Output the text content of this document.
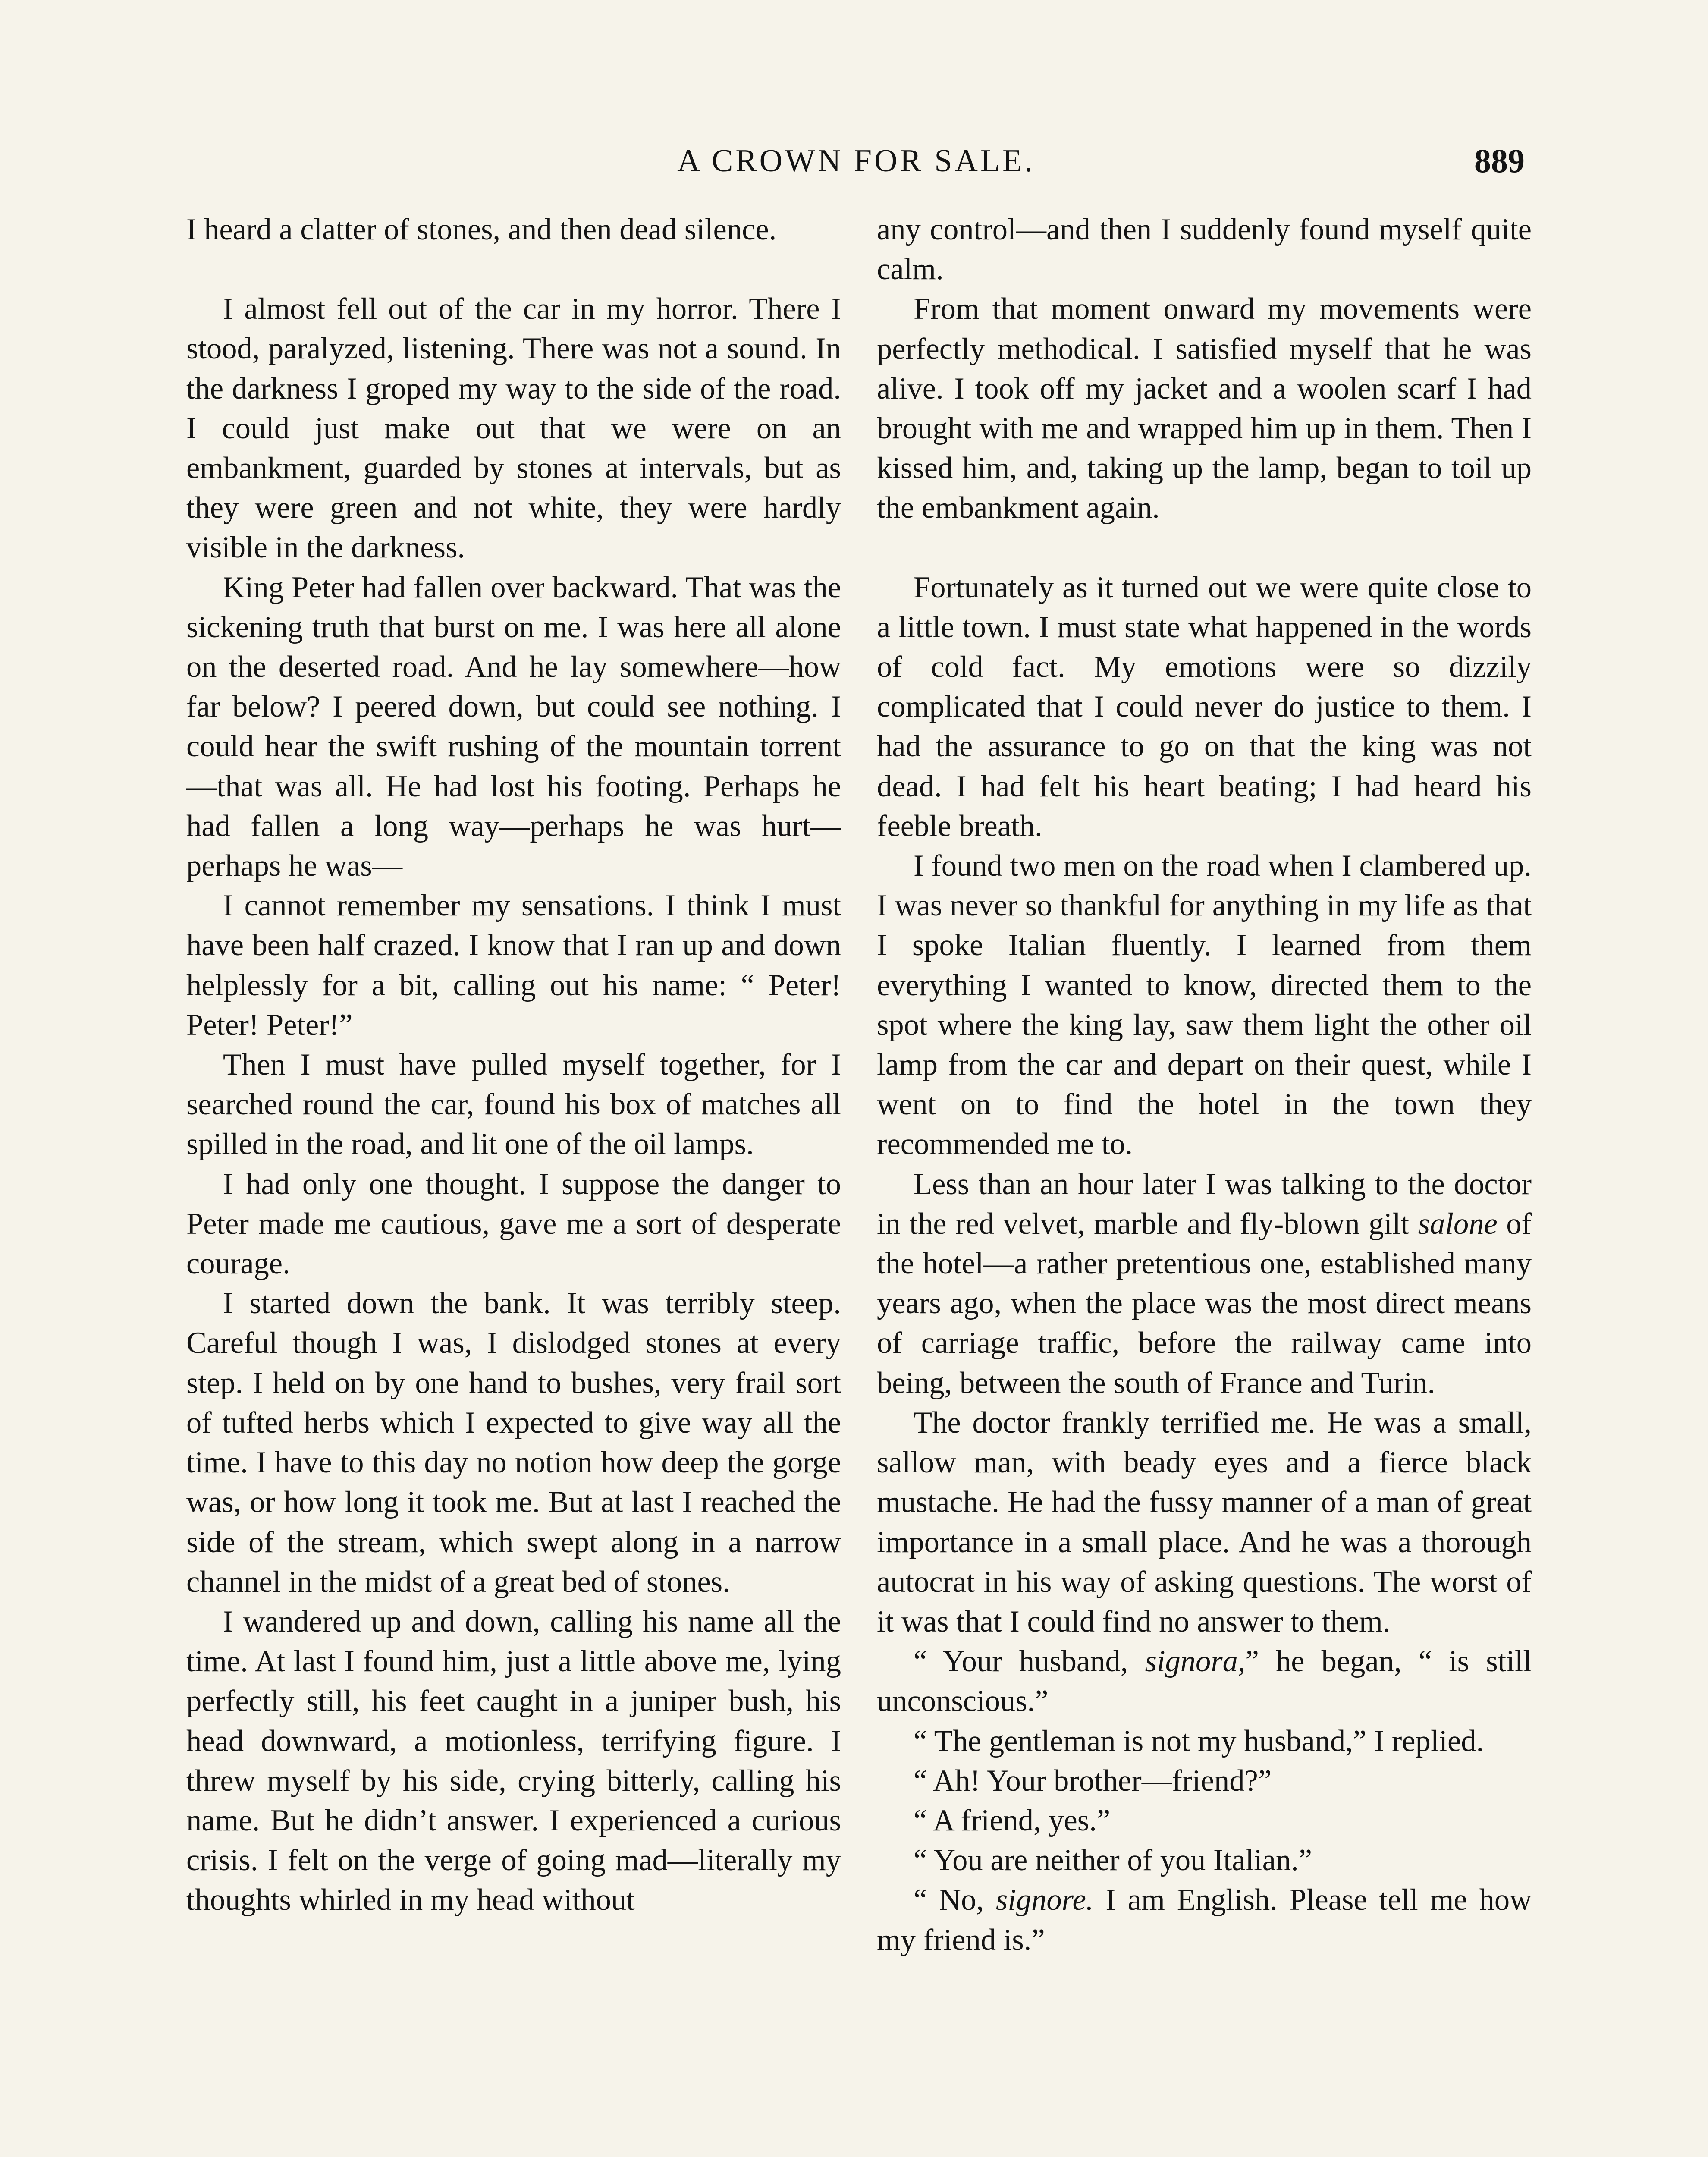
A CROWN FOR SALE.	889

I heard a clatter of stones, and then dead silence.

I almost fell out of the car in my horror. There I stood, paralyzed, listening. There was not a sound. In the darkness I groped my way to the side of the road. I could just make out that we were on an embankment, guarded by stones at intervals, but as they were green and not white, they were hardly visible in the darkness.

King Peter had fallen over backward. That was the sickening truth that burst on me. I was here all alone on the deserted road. And he lay somewhere—how far below? I peered down, but could see nothing. I could hear the swift rushing of the mountain torrent—that was all. He had lost his footing. Perhaps he had fallen a long way—perhaps he was hurt—perhaps he was—

I cannot remember my sensations. I think I must have been half crazed. I know that I ran up and down helplessly for a bit, calling out his name: “ Peter! Peter! Peter!”

Then I must have pulled myself together, for I searched round the car, found his box of matches all spilled in the road, and lit one of the oil lamps.

I had only one thought. I suppose the danger to Peter made me cautious, gave me a sort of desperate courage.

I started down the bank. It was terribly steep. Careful though I was, I dislodged stones at every step. I held on by one hand to bushes, very frail sort of tufted herbs which I expected to give way all the time. I have to this day no notion how deep the gorge was, or how long it took me. But at last I reached the side of the stream, which swept along in a narrow channel in the midst of a great bed of stones.

I wandered up and down, calling his name all the time. At last I found him, just a little above me, lying perfectly still, his feet caught in a juniper bush, his head downward, a motionless, terrifying figure. I threw myself by his side, crying bitterly, calling his name. But he didn’t answer. I experienced a curious crisis. I felt on the verge of going mad—literally my thoughts whirled in my head without

any control—and then I suddenly found myself quite calm.

From that moment onward my movements were perfectly methodical. I satisfied myself that he was alive. I took off my jacket and a woolen scarf I had brought with me and wrapped him up in them. Then I kissed him, and, taking up the lamp, began to toil up the embankment again.

Fortunately as it turned out we were quite close to a little town. I must state what happened in the words of cold fact. My emotions were so dizzily complicated that I could never do justice to them. I had the assurance to go on that the king was not dead. I had felt his heart beating; I had heard his feeble breath.

I found two men on the road when I clambered up. I was never so thankful for anything in my life as that I spoke Italian fluently. I learned from them everything I wanted to know, directed them to the spot where the king lay, saw them light the other oil lamp from the car and depart on their quest, while I went on to find the hotel in the town they recommended me to.

Less than an hour later I was talking to the doctor in the red velvet, marble and fly-blown gilt salone of the hotel—a rather pretentious one, established many years ago, when the place was the most direct means of carriage traffic, before the railway came into being, between the south of France and Turin.

The doctor frankly terrified me. He was a small, sallow man, with beady eyes and a fierce black mustache. He had the fussy manner of a man of great importance in a small place. And he was a thorough autocrat in his way of asking questions. The worst of it was that I could find no answer to them.

“ Your husband, signora,” he began, “ is still unconscious.”

“ The gentleman is not my husband,” I replied.

“ Ah! Your brother—friend?”

“ A friend, yes.”

“ You are neither of you Italian.”

“ No, signore. I am English. Please tell me how my friend is.”
